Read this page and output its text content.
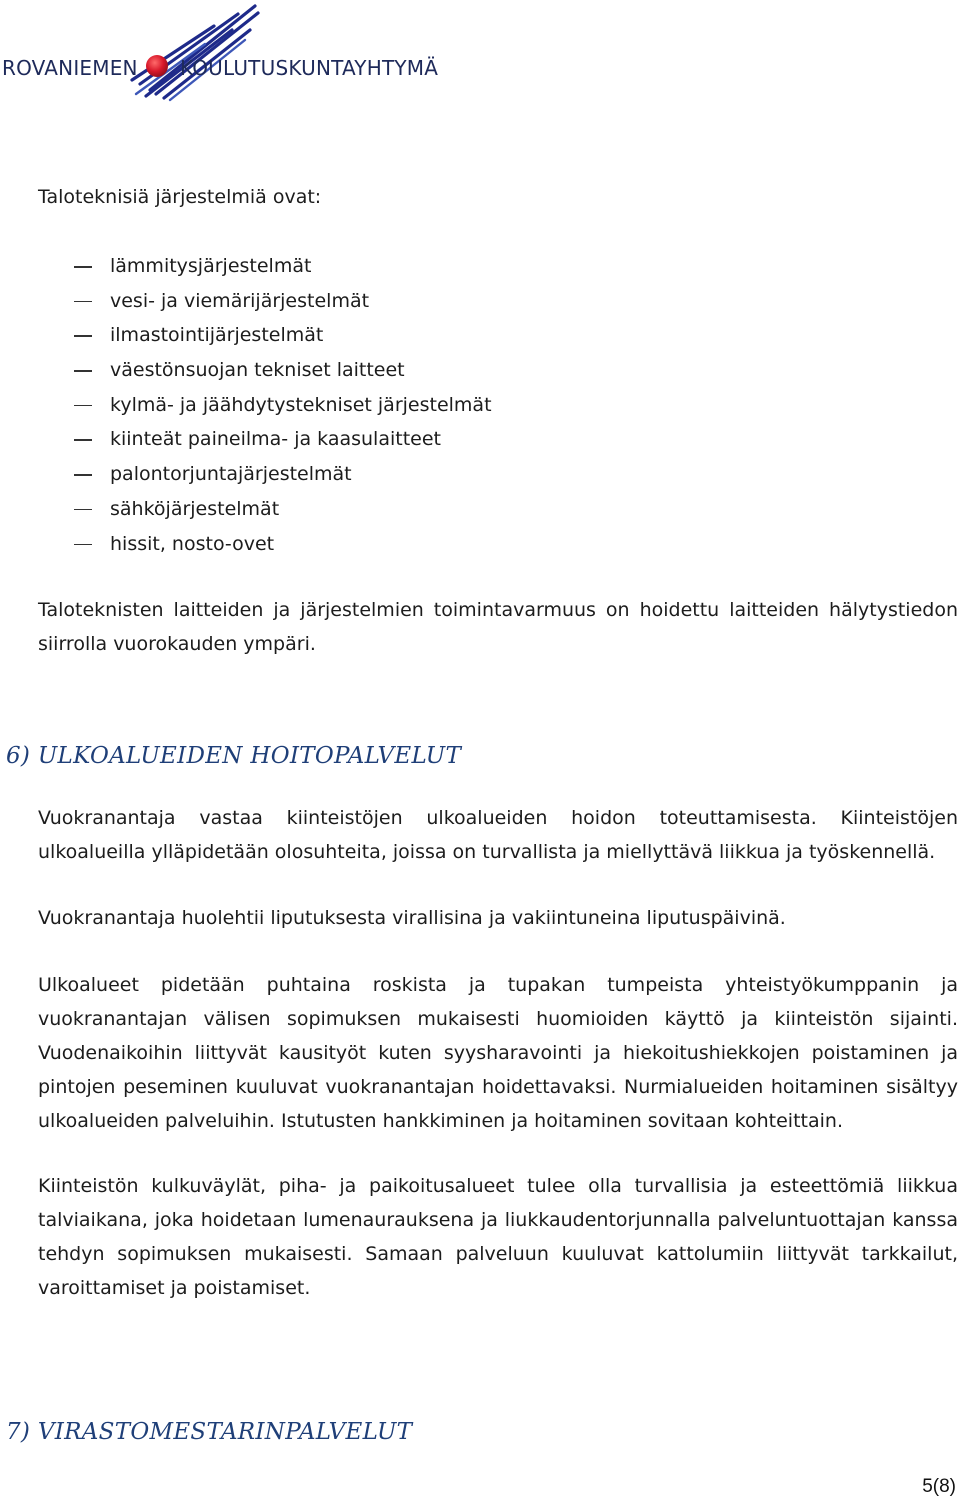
ROVANIEMEN KOULUTUSKUNTAYHTYMÄ
Taloteknisiä järjestelmiä ovat:
lämmitysjärjestelmät
vesi- ja viemärijärjestelmät
ilmastointijärjestelmät
väestönsuojan tekniset laitteet
kylmä- ja jäähdytystekniset järjestelmät
kiinteät paineilma- ja kaasulaitteet
palontorjuntajärjestelmät
sähköjärjestelmät
hissit, nosto-ovet
Taloteknisten laitteiden ja järjestelmien toimintavarmuus on hoidettu laitteiden hälytystiedon siirrolla vuorokauden ympäri.
6) ULKOALUEIDEN HOITOPALVELUT
Vuokranantaja vastaa kiinteistöjen ulkoalueiden hoidon toteuttamisesta. Kiinteistöjen ulkoalueilla ylläpidetään olosuhteita, joissa on turvallista ja miellyttävä liikkua ja työskennellä.
Vuokranantaja huolehtii liputuksesta virallisina ja vakiintuneina liputuspäivinä.
Ulkoalueet pidetään puhtaina roskista ja tupakan tumpeista yhteistyökumppanin ja vuokranantajan välisen sopimuksen mukaisesti huomioiden käyttö ja kiinteistön sijainti. Vuodenaikoihin liittyvät kausityöt kuten syysharavointi ja hiekoitushiekkojen poistaminen ja pintojen peseminen kuuluvat vuokranantajan hoidettavaksi. Nurmialueiden hoitaminen sisältyy ulkoalueiden palveluihin. Istutusten hankkiminen ja hoitaminen sovitaan kohteittain.
Kiinteistön kulkuväylät, piha- ja paikoitusalueet tulee olla turvallisia ja esteettömiä liikkua talviaikana, joka hoidetaan lumenaurauksena ja liukkaudentorjunnalla palveluntuottajan kanssa tehdyn sopimuksen mukaisesti. Samaan palveluun kuuluvat kattolumiin liittyvät tarkkailut, varoittamiset ja poistamiset.
7) VIRASTOMESTARINPALVELUT
5(8)
